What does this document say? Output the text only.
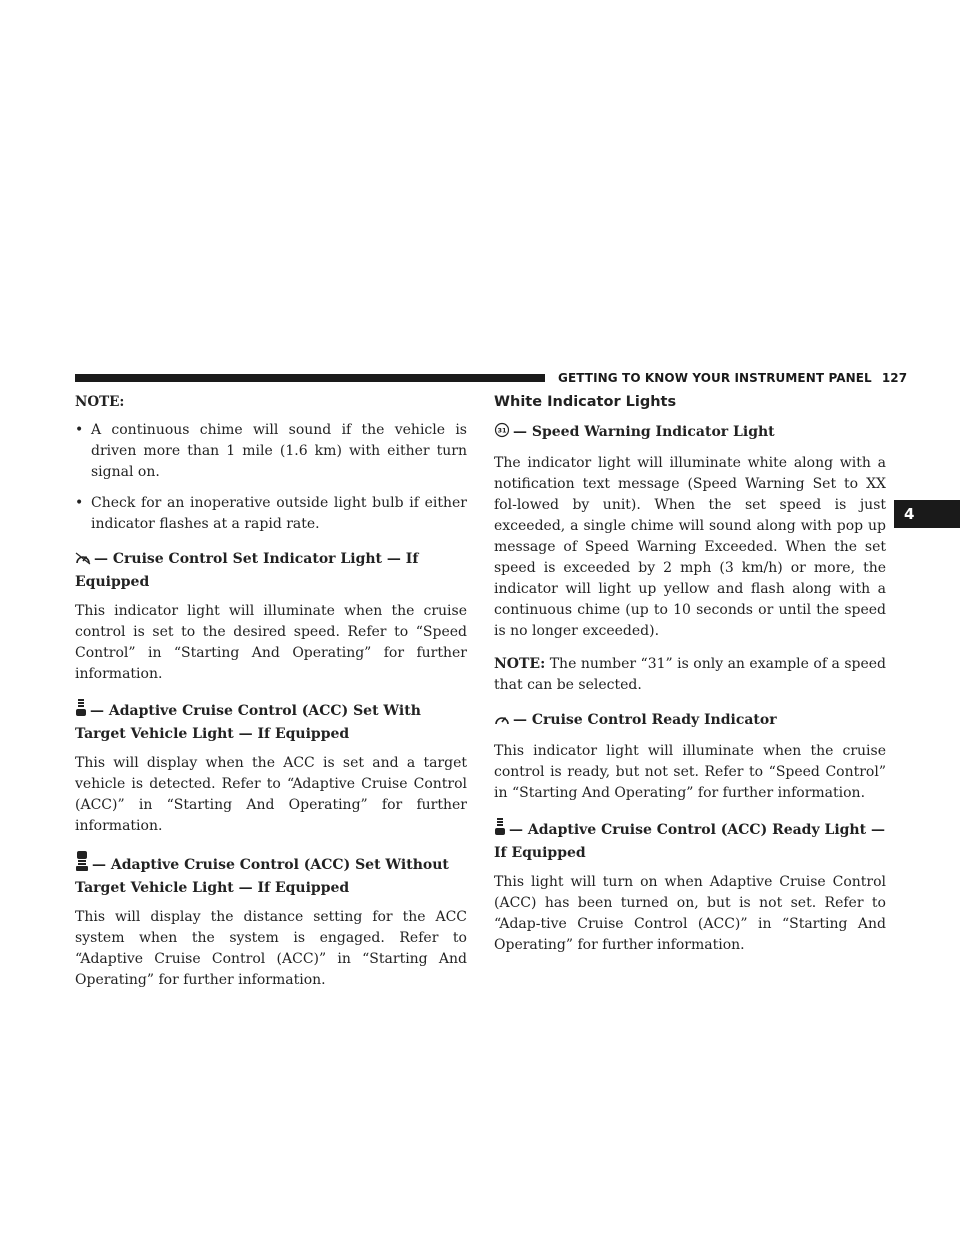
GETTING TO KNOW YOUR INSTRUMENT PANEL 127
4
NOTE:
• A continuous chime will sound if the vehicle is driven more than 1 mile (1.6 km) with either turn signal on.
• Check for an inoperative outside light bulb if either indicator flashes at a rapid rate.
— Cruise Control Set Indicator Light — If Equipped

This indicator light will illuminate when the cruise control is set to the desired speed. Refer to “Speed Control” in “Starting And Operating” for further information.

— Adaptive Cruise Control (ACC) Set With Target Vehicle Light — If Equipped

This will display when the ACC is set and a target vehicle is detected. Refer to “Adaptive Cruise Control (ACC)” in “Starting And Operating” for further information.

— Adaptive Cruise Control (ACC) Set Without Target Vehicle Light — If Equipped

This will display the distance setting for the ACC system when the system is engaged. Refer to “Adaptive Cruise Control (ACC)” in “Starting And Operating” for further information.

White Indicator Lights
31 — Speed Warning Indicator Light

The indicator light will illuminate white along with a notification text message (Speed Warning Set to XX fol-lowed by unit). When the set speed is just exceeded, a single chime will sound along with pop up message of Speed Warning Exceeded. When the set speed is exceeded by 2 mph (3 km/h) or more, the indicator will light up yellow and flash along with a continuous chime (up to 10 seconds or until the speed is no longer exceeded).

NOTE: The number “31” is only an example of a speed that can be selected.

— Cruise Control Ready Indicator

This indicator light will illuminate when the cruise control is ready, but not set. Refer to “Speed Control” in “Starting And Operating” for further information.

— Adaptive Cruise Control (ACC) Ready Light — If Equipped

This light will turn on when Adaptive Cruise Control (ACC) has been turned on, but is not set. Refer to “Adap-tive Cruise Control (ACC)” in “Starting And Operating” for further information.
